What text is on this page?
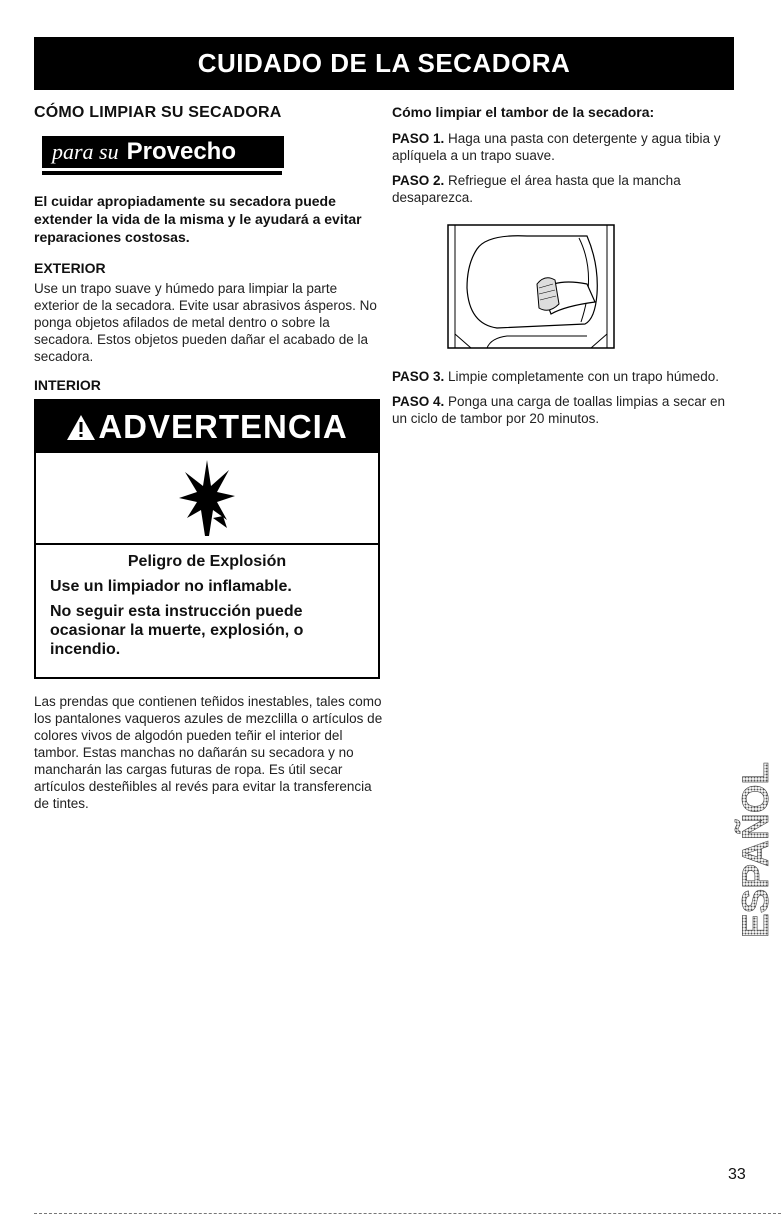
CUIDADO DE LA SECADORA
CÓMO LIMPIAR SU SECADORA
para su Provecho

El cuidar apropiadamente su secadora puede extender la vida de la misma y le ayudará a evitar reparaciones costosas.

EXTERIOR

Use un trapo suave y húmedo para limpiar la parte exterior de la secadora. Evite usar abrasivos ásperos. No ponga objetos afilados de metal dentro o sobre la secadora. Estos objetos pueden dañar el acabado de la secadora.

INTERIOR
ADVERTENCIA
Peligro de Explosión
Use un limpiador no inflamable.
No seguir esta instrucción puede ocasionar la muerte, explosión, o incendio.

Las prendas que contienen teñidos inestables, tales como los pantalones vaqueros azules de mezclilla o artículos de colores vivos de algodón pueden teñir el interior del tambor. Estas manchas no dañarán su secadora y no mancharán las cargas futuras de ropa. Es útil secar artículos desteñibles al revés para evitar la transferencia de tintes.

Cómo limpiar el tambor de la secadora:

PASO 1. Haga una pasta con detergente y agua tibia y aplíquela a un trapo suave.

PASO 2. Refriegue el área hasta que la mancha desaparezca.

PASO 3. Limpie completamente con un trapo húmedo.

PASO 4. Ponga una carga de toallas limpias a secar en un ciclo de tambor por 20 minutos.

ESPAÑOL
33
